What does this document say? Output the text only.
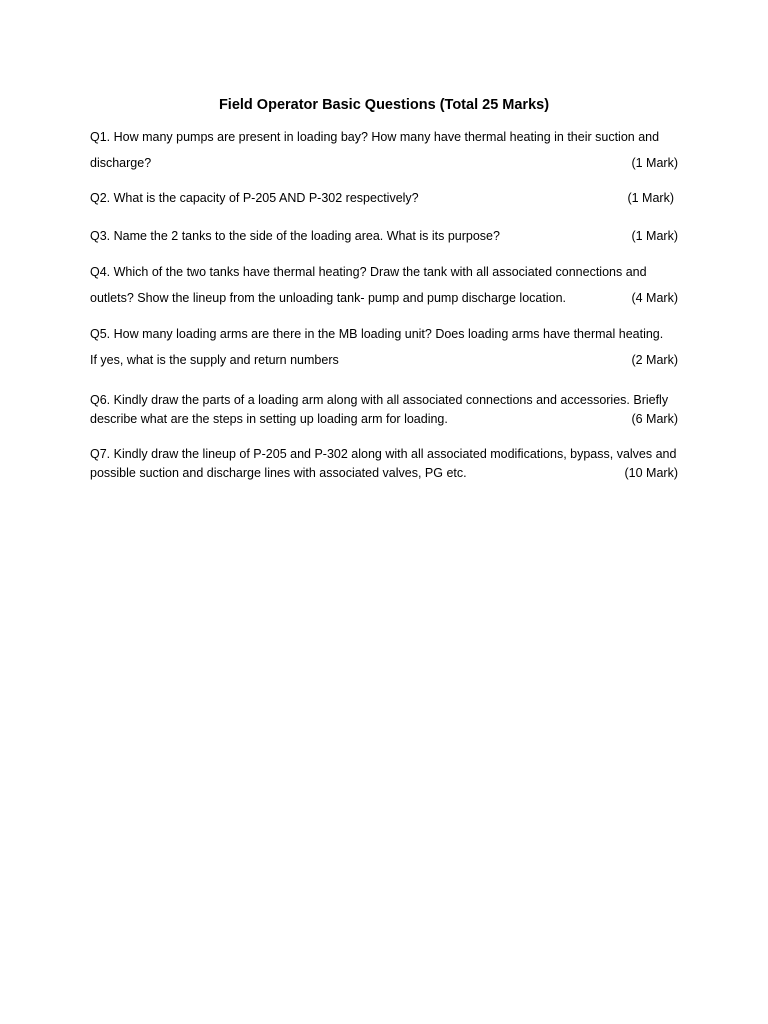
Field Operator Basic Questions (Total 25 Marks)
Q1. How many pumps are present in loading bay? How many have thermal heating in their suction and
discharge?	(1 Mark)
Q2. What is the capacity of P-205 AND P-302 respectively?	(1 Mark)
Q3. Name the 2 tanks to the side of the loading area. What is its purpose?	(1 Mark)
Q4. Which of the two tanks have thermal heating? Draw the tank with all associated connections and
outlets? Show the lineup from the unloading tank- pump and pump discharge location.	(4 Mark)
Q5. How many loading arms are there in the MB loading unit? Does loading arms have thermal heating.
If yes, what is the supply and return numbers	(2 Mark)
Q6. Kindly draw the parts of a loading arm along with all associated connections and accessories. Briefly
describe what are the steps in setting up loading arm for loading.	(6 Mark)
Q7. Kindly draw the lineup of P-205 and P-302 along with all associated modifications, bypass, valves and
possible suction and discharge lines with associated valves, PG etc.	(10 Mark)
